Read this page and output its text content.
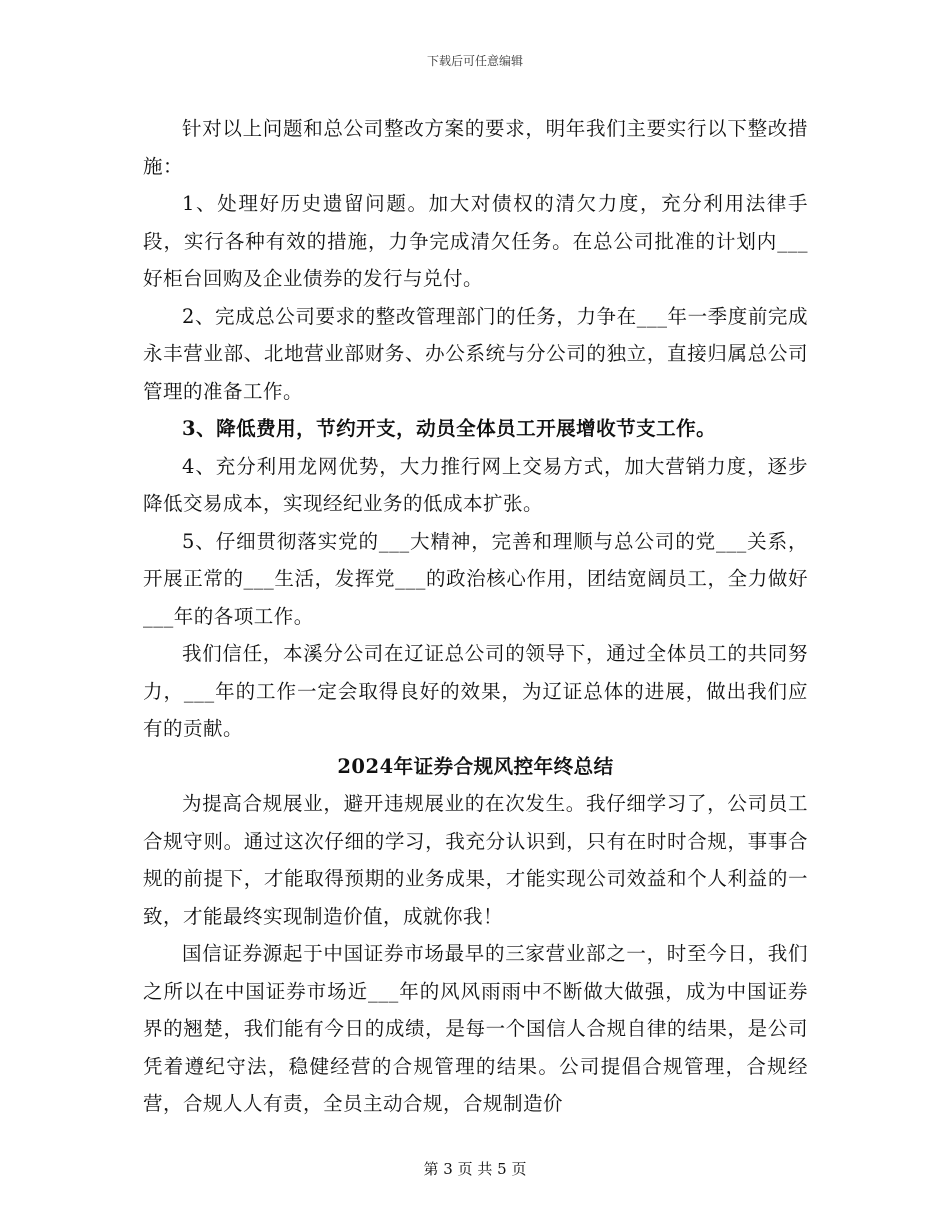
下载后可任意编辑

针对以上问题和总公司整改方案的要求，明年我们主要实行以下整改措施：

1、处理好历史遗留问题。加大对债权的清欠力度，充分利用法律手段，实行各种有效的措施，力争完成清欠任务。在总公司批准的计划内___好柜台回购及企业债券的发行与兑付。

2、完成总公司要求的整改管理部门的任务，力争在___年一季度前完成永丰营业部、北地营业部财务、办公系统与分公司的独立，直接归属总公司管理的准备工作。

3、降低费用，节约开支，动员全体员工开展增收节支工作。

4、充分利用龙网优势，大力推行网上交易方式，加大营销力度，逐步降低交易成本，实现经纪业务的低成本扩张。

5、仔细贯彻落实党的___大精神，完善和理顺与总公司的党___关系，开展正常的___生活，发挥党___的政治核心作用，团结宽阔员工，全力做好___年的各项工作。

我们信任，本溪分公司在辽证总公司的领导下，通过全体员工的共同努力，___年的工作一定会取得良好的效果，为辽证总体的进展，做出我们应有的贡献。

2024年证券合规风控年终总结

为提高合规展业，避开违规展业的在次发生。我仔细学习了，公司员工合规守则。通过这次仔细的学习，我充分认识到，只有在时时合规，事事合规的前提下，才能取得预期的业务成果，才能实现公司效益和个人利益的一致，才能最终实现制造价值，成就你我！

国信证券源起于中国证券市场最早的三家营业部之一，时至今日，我们之所以在中国证券市场近___年的风风雨雨中不断做大做强，成为中国证券界的翘楚，我们能有今日的成绩，是每一个国信人合规自律的结果，是公司凭着遵纪守法，稳健经营的合规管理的结果。公司提倡合规管理，合规经营，合规人人有责，全员主动合规，合规制造价

第 3 页 共 5 页
